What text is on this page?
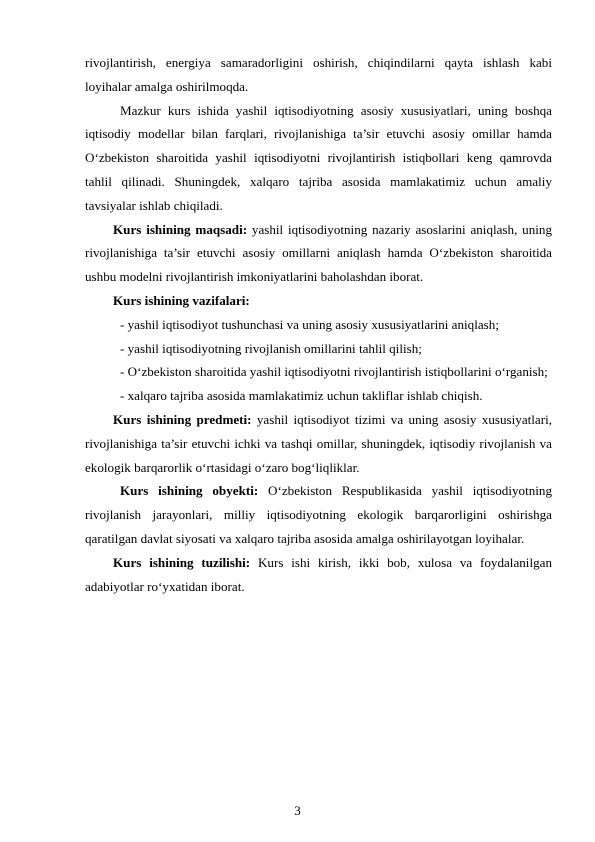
rivojlantirish, energiya samaradorligini oshirish, chiqindilarni qayta ishlash kabi loyihalar amalga oshirilmoqda.

Mazkur kurs ishida yashil iqtisodiyotning asosiy xususiyatlari, uning boshqa iqtisodiy modellar bilan farqlari, rivojlanishiga ta’sir etuvchi asosiy omillar hamda O‘zbekiston sharoitida yashil iqtisodiyotni rivojlantirish istiqbollari keng qamrovda tahlil qilinadi. Shuningdek, xalqaro tajriba asosida mamlakatimiz uchun amaliy tavsiyalar ishlab chiqiladi.

Kurs ishining maqsadi: yashil iqtisodiyotning nazariy asoslarini aniqlash, uning rivojlanishiga ta’sir etuvchi asosiy omillarni aniqlash hamda O‘zbekiston sharoitida ushbu modelni rivojlantirish imkoniyatlarini baholashdan iborat.

Kurs ishining vazifalari:

- yashil iqtisodiyot tushunchasi va uning asosiy xususiyatlarini aniqlash;

- yashil iqtisodiyotning rivojlanish omillarini tahlil qilish;

- O‘zbekiston sharoitida yashil iqtisodiyotni rivojlantirish istiqbollarini o‘rganish;

- xalqaro tajriba asosida mamlakatimiz uchun takliflar ishlab chiqish.

Kurs ishining predmeti: yashil iqtisodiyot tizimi va uning asosiy xususiyatlari, rivojlanishiga ta’sir etuvchi ichki va tashqi omillar, shuningdek, iqtisodiy rivojlanish va ekologik barqarorlik o‘rtasidagi o‘zaro bog‘liqliklar.

Kurs ishining obyekti: O‘zbekiston Respublikasida yashil iqtisodiyotning rivojlanish jarayonlari, milliy iqtisodiyotning ekologik barqarorligini oshirishga qaratilgan davlat siyosati va xalqaro tajriba asosida amalga oshirilayotgan loyihalar.

Kurs ishining tuzilishi: Kurs ishi kirish, ikki bob, xulosa va foydalanilgan adabiyotlar ro‘yxatidan iborat.

3
